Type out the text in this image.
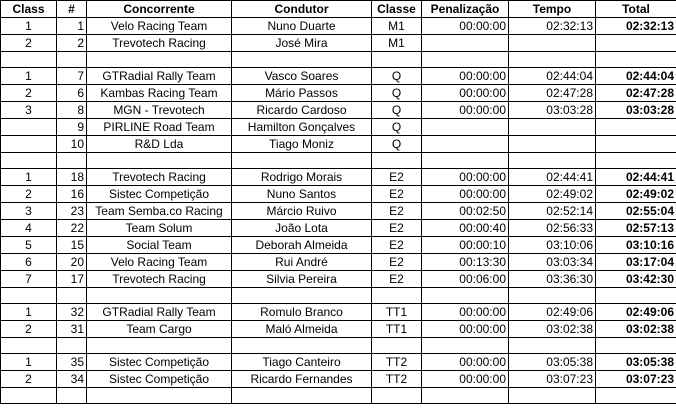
Class	#	Concorrente	Condutor	Classe	Penalização	Tempo	Total
1	1	Velo Racing Team	Nuno Duarte	M1	00:00:00	02:32:13	02:32:13
2	2	Trevotech Racing	José Mira	M1			

1	7	GTRadial Rally Team	Vasco Soares	Q	00:00:00	02:44:04	02:44:04
2	6	Kambas Racing Team	Mário Passos	Q	00:00:00	02:47:28	02:47:28
3	8	MGN - Trevotech	Ricardo Cardoso	Q	00:00:00	03:03:28	03:03:28
	9	PIRLINE Road Team	Hamilton Gonçalves	Q			
	10	R&D Lda	Tiago Moniz	Q			

1	18	Trevotech Racing	Rodrigo Morais	E2	00:00:00	02:44:41	02:44:41
2	16	Sistec Competição	Nuno Santos	E2	00:00:00	02:49:02	02:49:02
3	23	Team Semba.co Racing	Márcio Ruivo	E2	00:02:50	02:52:14	02:55:04
4	22	Team Solum	João Lota	E2	00:00:40	02:56:33	02:57:13
5	15	Social Team	Deborah Almeida	E2	00:00:10	03:10:06	03:10:16
6	20	Velo Racing Team	Rui André	E2	00:13:30	03:03:34	03:17:04
7	17	Trevotech Racing	Silvia Pereira	E2	00:06:00	03:36:30	03:42:30

1	32	GTRadial Rally Team	Romulo Branco	TT1	00:00:00	02:49:06	02:49:06
2	31	Team Cargo	Maló Almeida	TT1	00:00:00	03:02:38	03:02:38

1	35	Sistec Competição	Tiago Canteiro	TT2	00:00:00	03:05:38	03:05:38
2	34	Sistec Competição	Ricardo Fernandes	TT2	00:00:00	03:07:23	03:07:23
